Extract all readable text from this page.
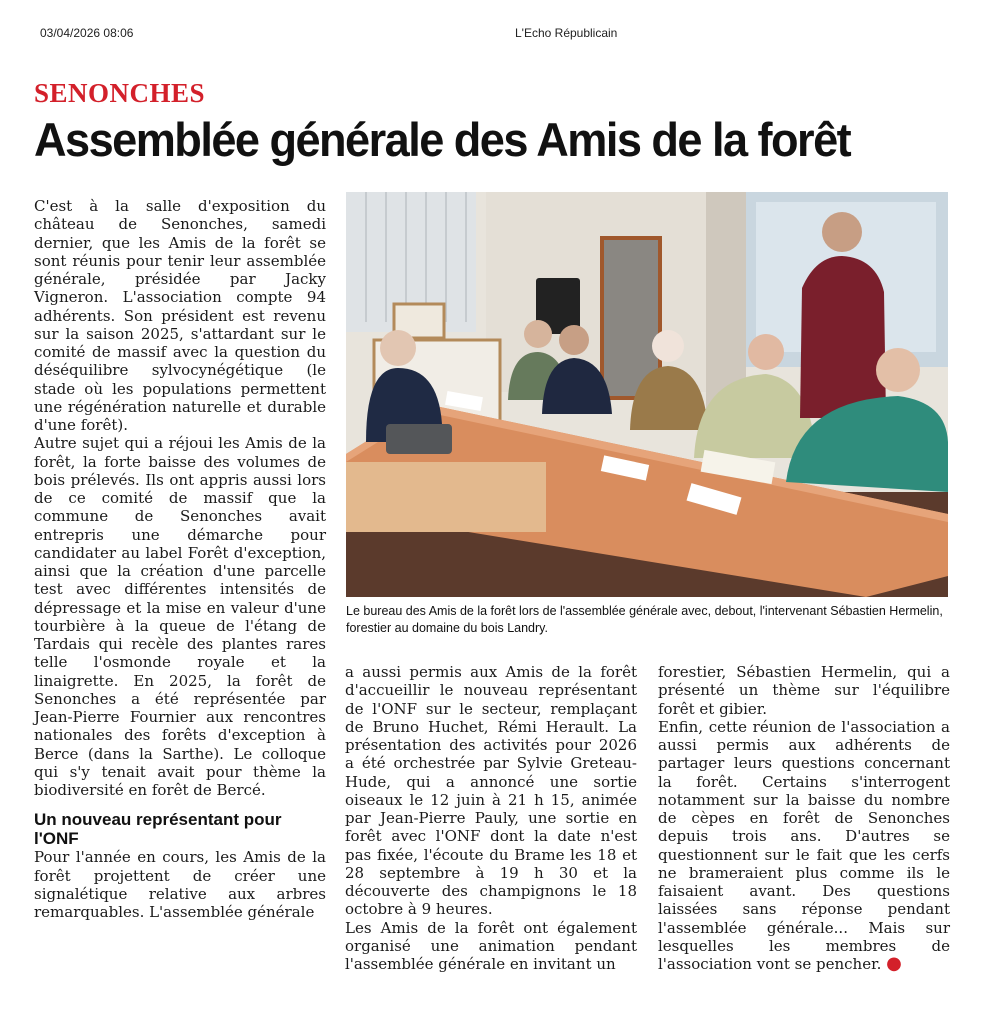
03/04/2026 08:06	L'Echo Républicain
SENONCHES
Assemblée générale des Amis de la forêt

C'est à la salle d'exposition du château de Senonches, samedi dernier, que les Amis de la forêt se sont réunis pour tenir leur assemblée générale, présidée par Jacky Vigneron. L'association compte 94 adhérents. Son président est revenu sur la saison 2025, s'attardant sur le comité de massif avec la question du déséquilibre sylvocynégétique (le stade où les populations permettent une régénération naturelle et durable d'une forêt).

Autre sujet qui a réjoui les Amis de la forêt, la forte baisse des volumes de bois prélevés. Ils ont appris aussi lors de ce comité de massif que la commune de Senonches avait entrepris une démarche pour candidater au label Forêt d'exception, ainsi que la création d'une parcelle test avec différentes intensités de dépressage et la mise en valeur d'une tourbière à la queue de l'étang de Tardais qui recèle des plantes rares telle l'osmonde royale et la linaigrette. En 2025, la forêt de Senonches a été représentée par Jean-Pierre Fournier aux rencontres nationales des forêts d'exception à Berce (dans la Sarthe). Le colloque qui s'y tenait avait pour thème la biodiversité en forêt de Bercé.

Un nouveau représentant pour l'ONF

Pour l'année en cours, les Amis de la forêt projettent de créer une signalétique relative aux arbres remarquables. L'assemblée générale

Le bureau des Amis de la forêt lors de l'assemblée générale avec, debout, l'intervenant Sébastien Hermelin, forestier au domaine du bois Landry.

a aussi permis aux Amis de la forêt d'accueillir le nouveau représentant de l'ONF sur le secteur, remplaçant de Bruno Huchet, Rémi Herault. La présentation des activités pour 2026 a été orchestrée par Sylvie Greteau-Hude, qui a annoncé une sortie oiseaux le 12 juin à 21 h 15, animée par Jean-Pierre Pauly, une sortie en forêt avec l'ONF dont la date n'est pas fixée, l'écoute du Brame les 18 et 28 septembre à 19 h 30 et la découverte des champignons le 18 octobre à 9 heures.

Les Amis de la forêt ont également organisé une animation pendant l'assemblée générale en invitant un

forestier, Sébastien Hermelin, qui a présenté un thème sur l'équilibre forêt et gibier.

Enfin, cette réunion de l'association a aussi permis aux adhérents de partager leurs questions concernant la forêt. Certains s'interrogent notamment sur la baisse du nombre de cèpes en forêt de Senonches depuis trois ans. D'autres se questionnent sur le fait que les cerfs ne brameraient plus comme ils le faisaient avant. Des questions laissées sans réponse pendant l'assemblée générale... Mais sur lesquelles les membres de l'association vont se pencher. ●
